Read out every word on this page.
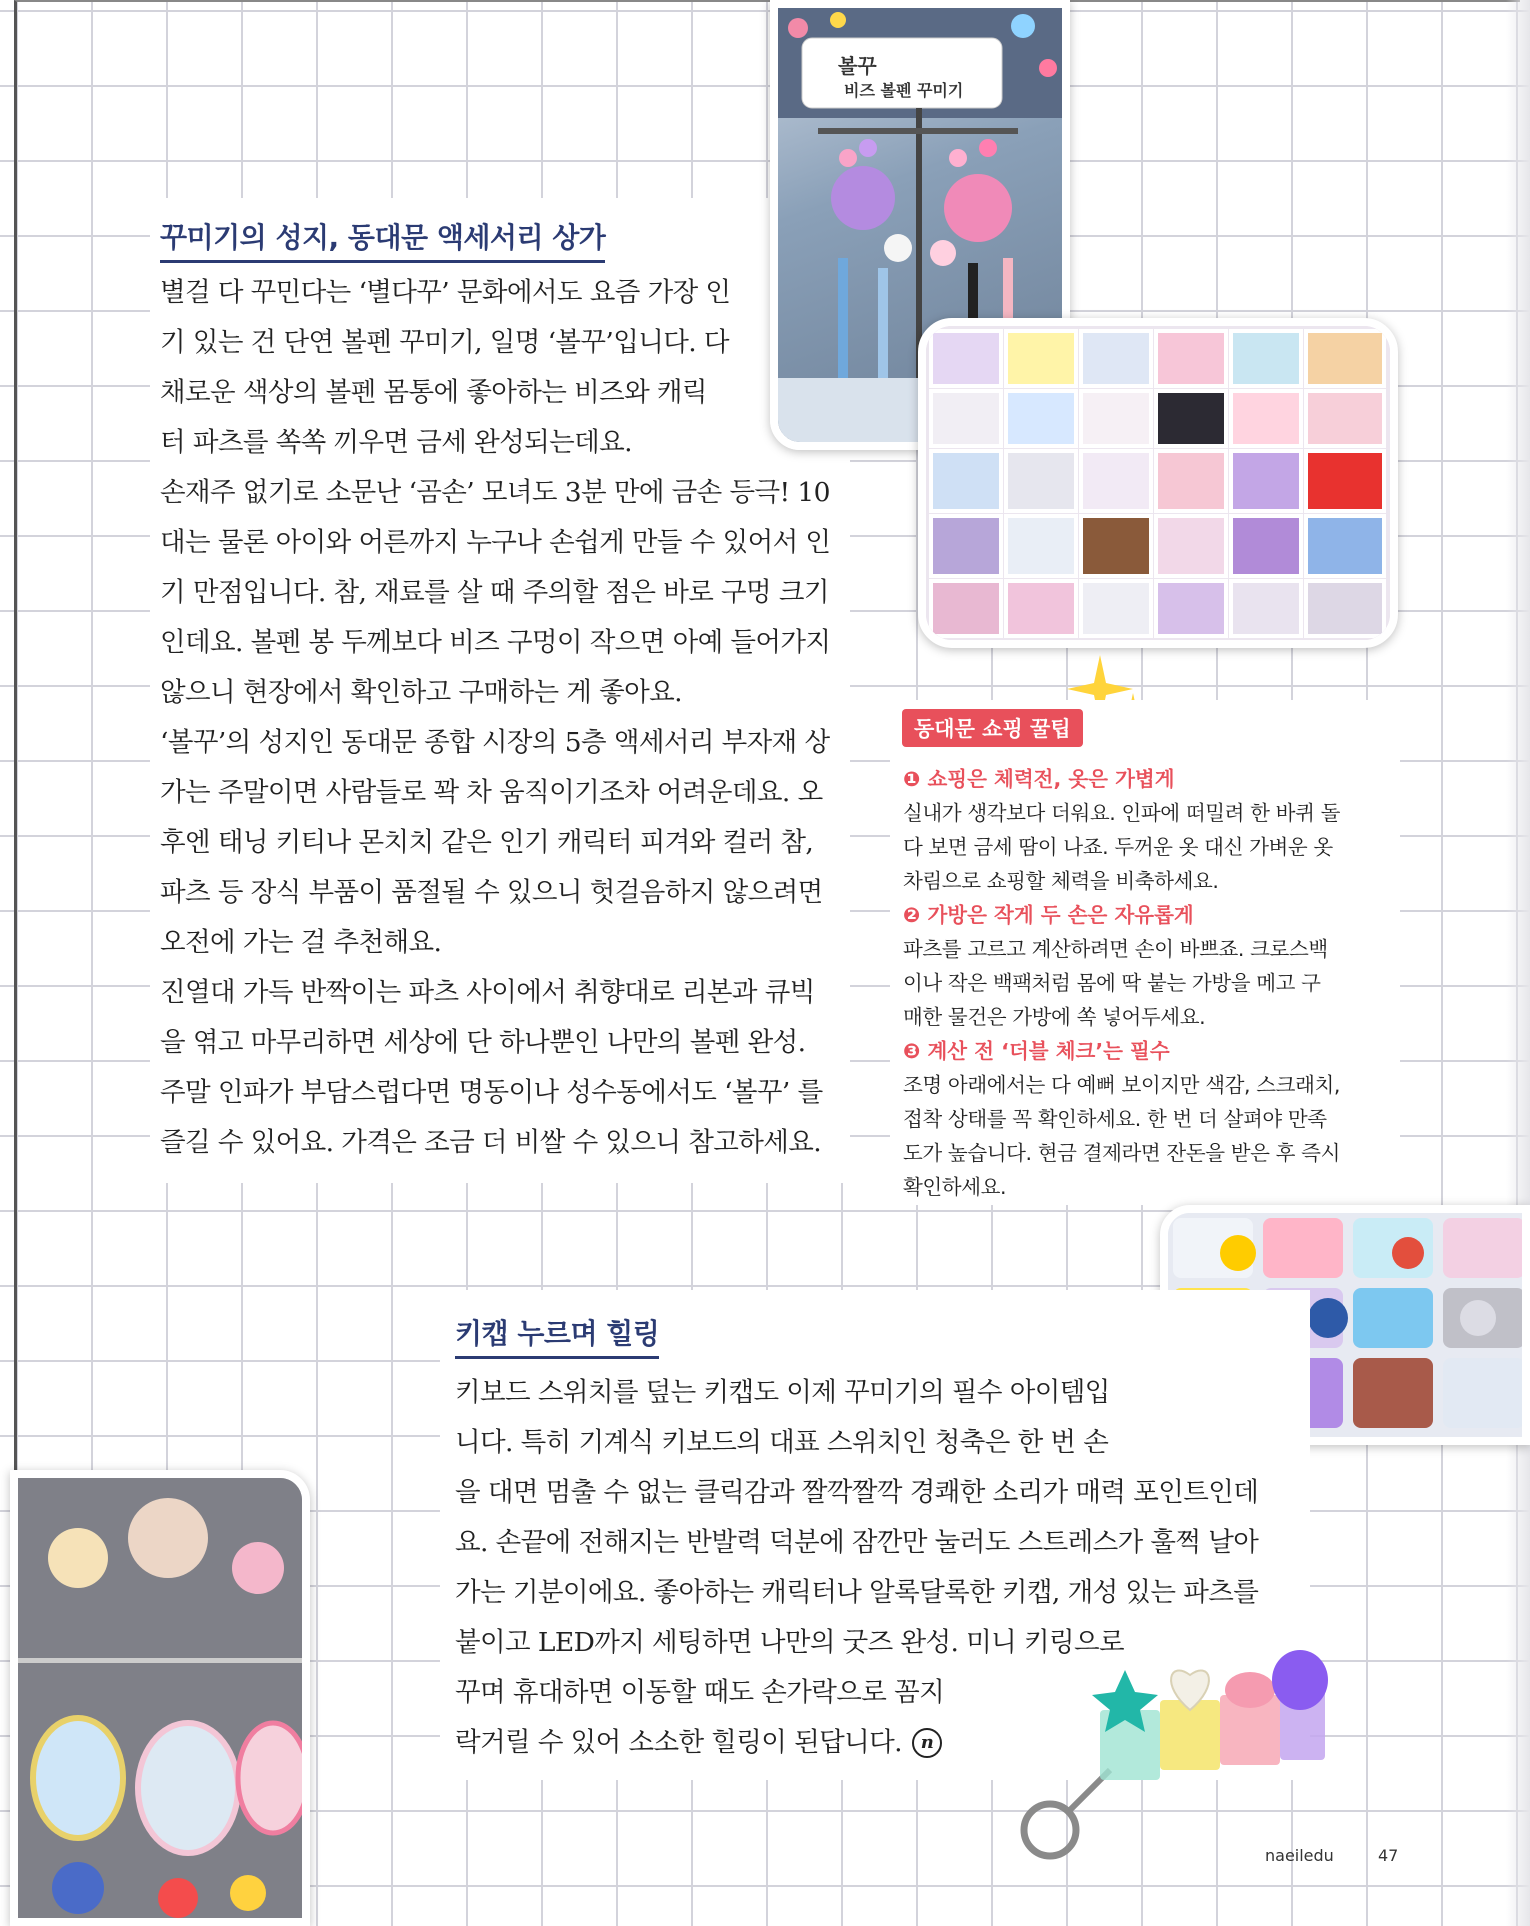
꾸미기의 성지, 동대문 액세서리 상가

별걸 다 꾸민다는 ‘별다꾸’ 문화에서도 요즘 가장 인

기 있는 건 단연 볼펜 꾸미기, 일명 ‘볼꾸’입니다. 다

채로운 색상의 볼펜 몸통에 좋아하는 비즈와 캐릭

터 파츠를 쏙쏙 끼우면 금세 완성되는데요.

손재주 없기로 소문난 ‘곰손’ 모녀도 3분 만에 금손 등극! 10

대는 물론 아이와 어른까지 누구나 손쉽게 만들 수 있어서 인

기 만점입니다. 참, 재료를 살 때 주의할 점은 바로 구멍 크기

인데요. 볼펜 봉 두께보다 비즈 구멍이 작으면 아예 들어가지

않으니 현장에서 확인하고 구매하는 게 좋아요.

‘볼꾸’의 성지인 동대문 종합 시장의 5층 액세서리 부자재 상

가는 주말이면 사람들로 꽉 차 움직이기조차 어려운데요. 오

후엔 태닝 키티나 몬치치 같은 인기 캐릭터 피겨와 컬러 참,

파츠 등 장식 부품이 품절될 수 있으니 헛걸음하지 않으려면

오전에 가는 걸 추천해요.

진열대 가득 반짝이는 파츠 사이에서 취향대로 리본과 큐빅

을 엮고 마무리하면 세상에 단 하나뿐인 나만의 볼펜 완성.

주말 인파가 부담스럽다면 명동이나 성수동에서도 ‘볼꾸’ 를

즐길 수 있어요. 가격은 조금 더 비쌀 수 있으니 참고하세요.

볼꾸
비즈 볼펜 꾸미기
동대문 쇼핑 꿀팁

❶ 쇼핑은 체력전, 옷은 가볍게

실내가 생각보다 더워요. 인파에 떠밀려 한 바퀴 돌

다 보면 금세 땀이 나죠. 두꺼운 옷 대신 가벼운 옷

차림으로 쇼핑할 체력을 비축하세요.

❷ 가방은 작게 두 손은 자유롭게

파츠를 고르고 계산하려면 손이 바쁘죠. 크로스백

이나 작은 백팩처럼 몸에 딱 붙는 가방을 메고 구

매한 물건은 가방에 쏙 넣어두세요.

❸ 계산 전 ‘더블 체크’는 필수

조명 아래에서는 다 예뻐 보이지만 색감, 스크래치,

접착 상태를 꼭 확인하세요. 한 번 더 살펴야 만족

도가 높습니다. 현금 결제라면 잔돈을 받은 후 즉시

확인하세요.

키캡 누르며 힐링

키보드 스위치를 덮는 키캡도 이제 꾸미기의 필수 아이템입

니다. 특히 기계식 키보드의 대표 스위치인 청축은 한 번 손

을 대면 멈출 수 없는 클릭감과 짤깍짤깍 경쾌한 소리가 매력 포인트인데

요. 손끝에 전해지는 반발력 덕분에 잠깐만 눌러도 스트레스가 훌쩍 날아

가는 기분이에요. 좋아하는 캐릭터나 알록달록한 키캡, 개성 있는 파츠를

붙이고 LED까지 세팅하면 나만의 굿즈 완성. 미니 키링으로

꾸며 휴대하면 이동할 때도 손가락으로 꼼지

락거릴 수 있어 소소한 힐링이 된답니다. n

naeiledu	47
